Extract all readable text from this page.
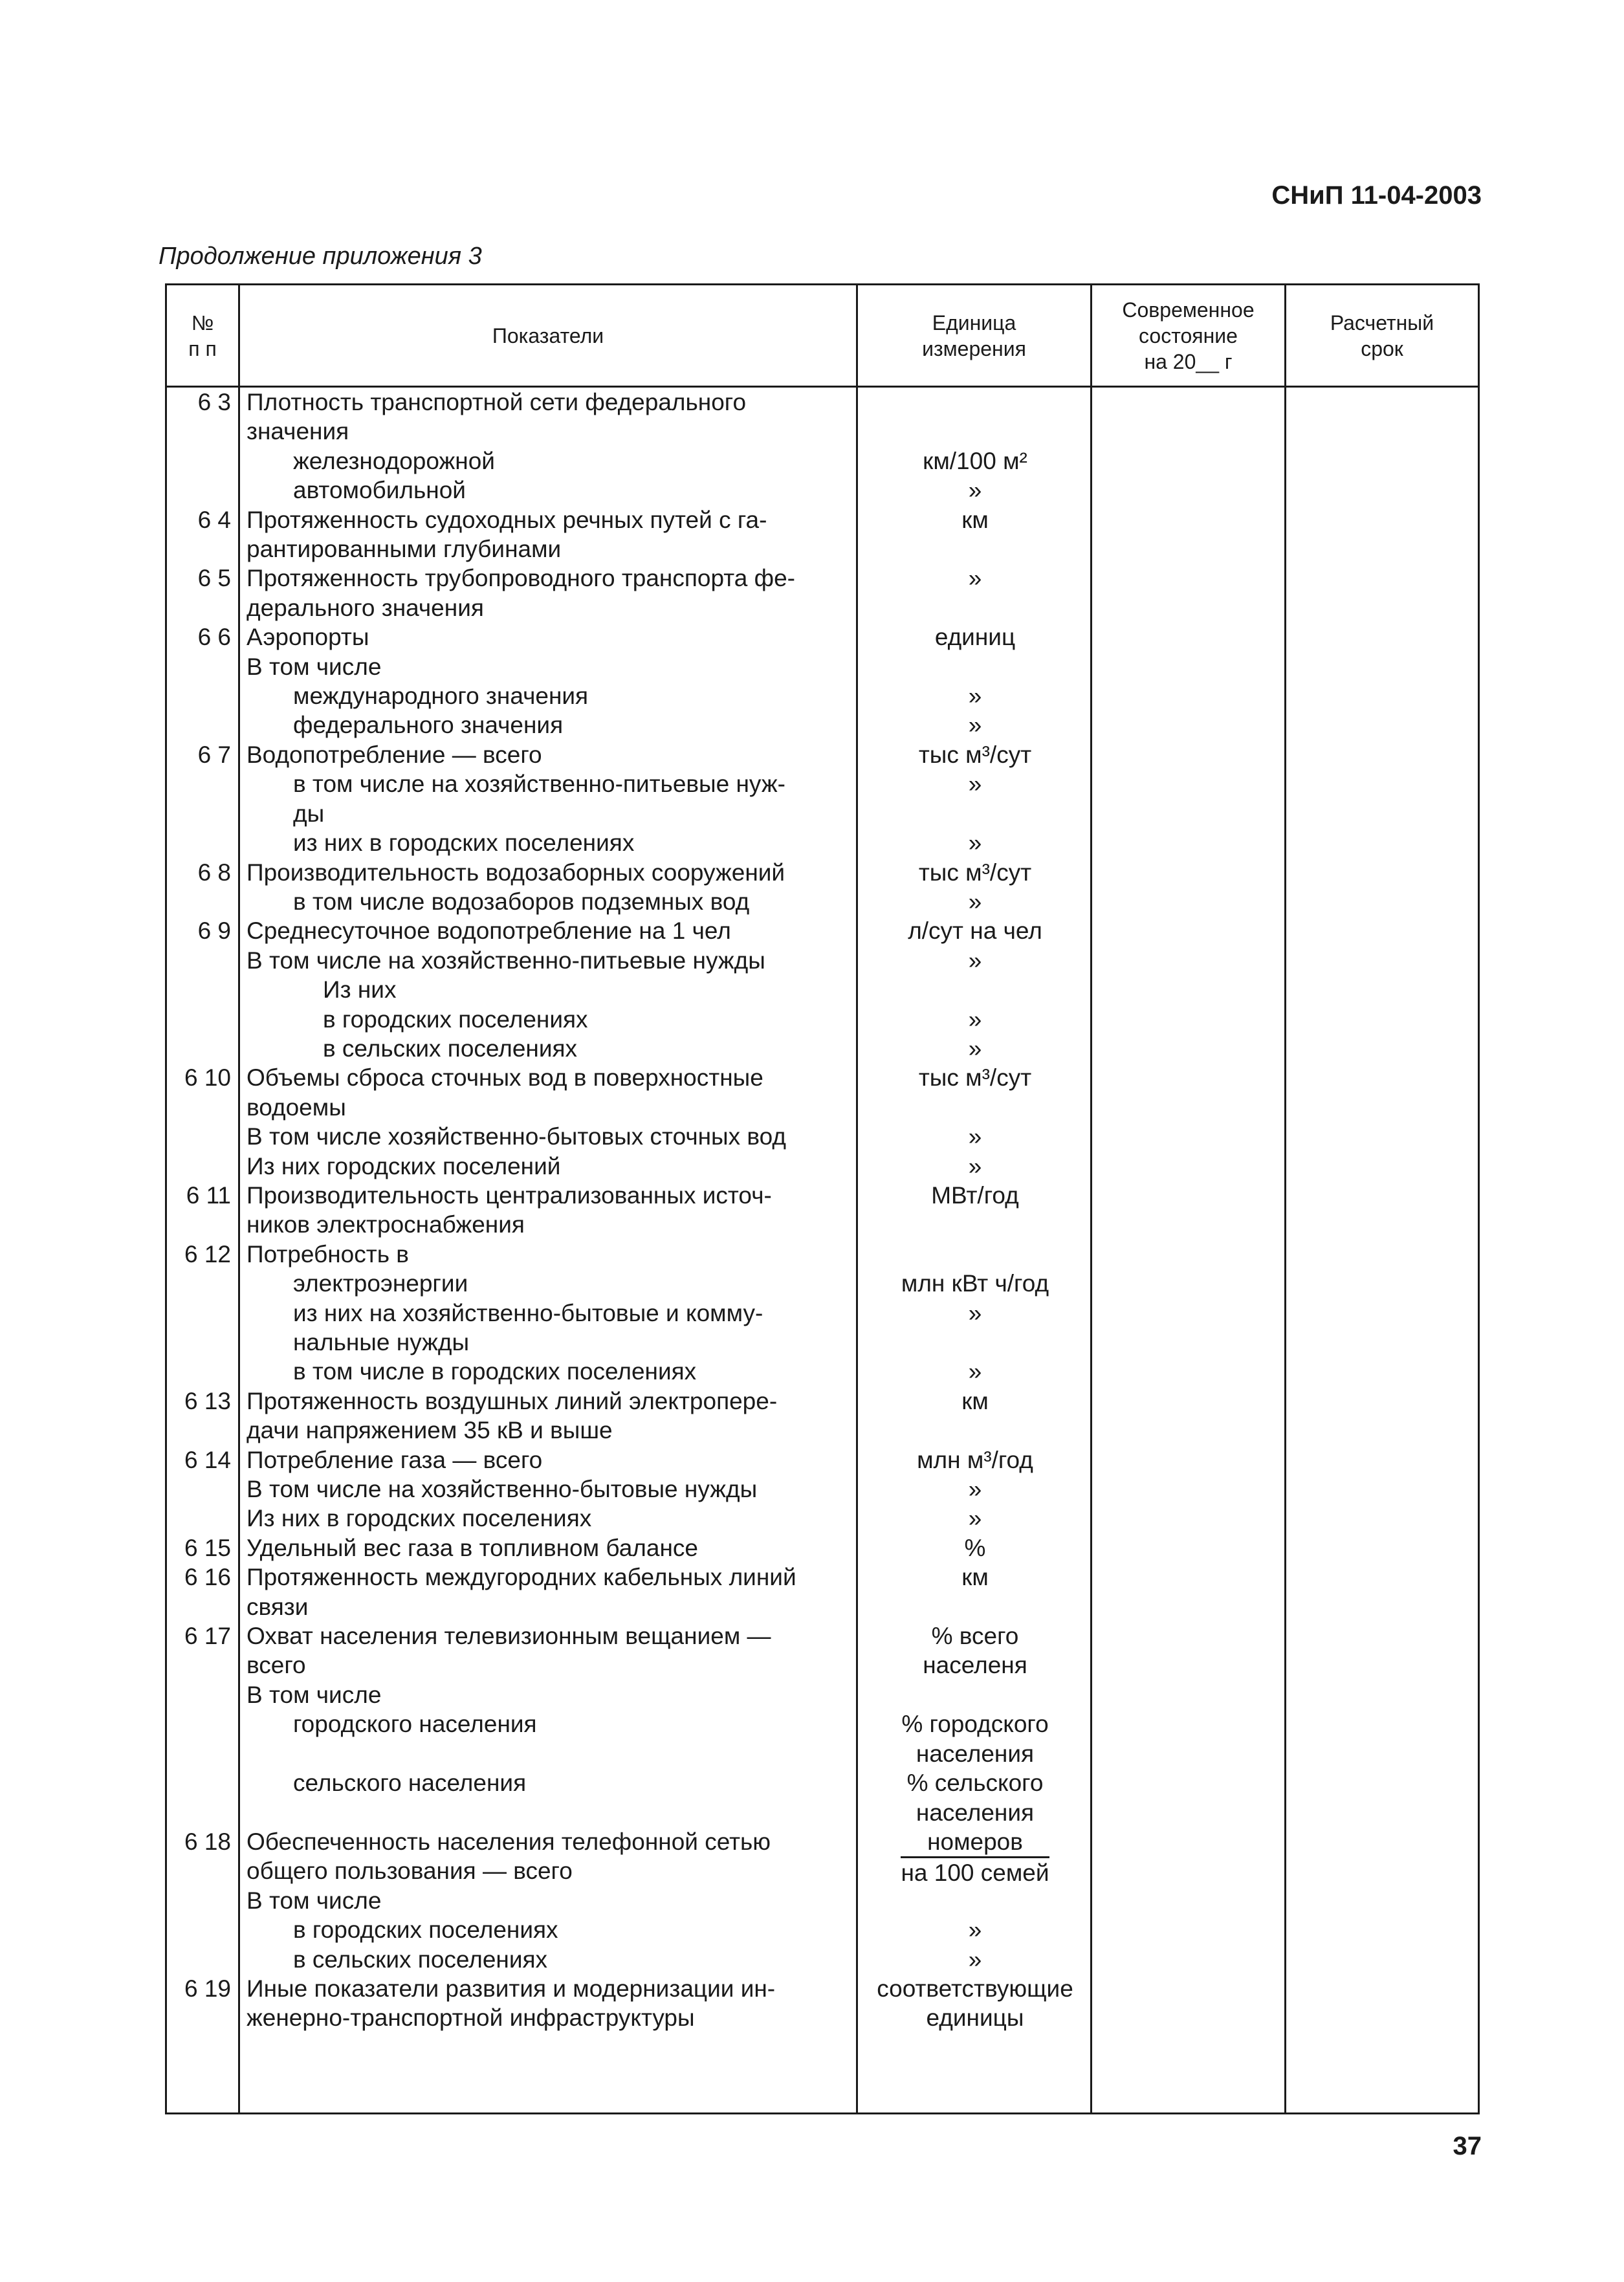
СНиП 11-04-2003
Продолжение приложения 3
№
п п
Показатели
Единица
измерения
Современное
состояние
на 20__ г
Расчетный
срок
6 3 Плотность транспортной сети федерального
значения
железнодорожной
автомобильной

км/100 м²
»
6 4 Протяженность судоходных речных путей с га-
рантированными глубинами
км

6 5 Протяженность трубопроводного транспорта фе-
дерального значения
»

6 6 Аэропорты
В том числе
международного значения
федерального значения
единиц

»
»
6 7 Водопотребление — всего
в том числе на хозяйственно-питьевые нуж-
ды
из них в городских поселениях
тыс м³/сут
»

»
6 8 Производительность водозаборных сооружений
в том числе водозаборов подземных вод
тыс м³/сут
»
6 9 Среднесуточное водопотребление на 1 чел
В том числе на хозяйственно-питьевые нужды
Из них
в городских поселениях
в сельских поселениях
л/сут на чел
»

»
»
6 10 Объемы сброса сточных вод в поверхностные
водоемы
В том числе хозяйственно-бытовых сточных вод
Из них городских поселений
тыс м³/сут

»
»
6 11 Производительность централизованных источ-
ников электроснабжения
МВт/год

6 12 Потребность в
электроэнергии
из них на хозяйственно-бытовые и комму-
нальные нужды
в том числе в городских поселениях

млн кВт ч/год
»

»
6 13 Протяженность воздушных линий электропере-
дачи напряжением 35 кВ и выше
км

6 14 Потребление газа — всего
В том числе на хозяйственно-бытовые нужды
Из них в городских поселениях
млн м³/год
»
»
6 15 Удельный вес газа в топливном балансе	%
6 16 Протяженность междугородних кабельных линий
связи
км

6 17 Охват населения телевизионным вещанием —
всего
В том числе
городского населения

сельского населения

% всего
населеня

% городского
населения
% сельского
населения
6 18 Обеспеченность населения телефонной сетью
общего пользования — всего
В том числе
в городских поселениях
в сельских поселениях
$\frac{\text{номеров}}{\text{на 100 семей}}$

»
»
6 19 Иные показатели развития и модернизации ин-
женерно-транспортной инфраструктуры
соответствующие
единицы
37
